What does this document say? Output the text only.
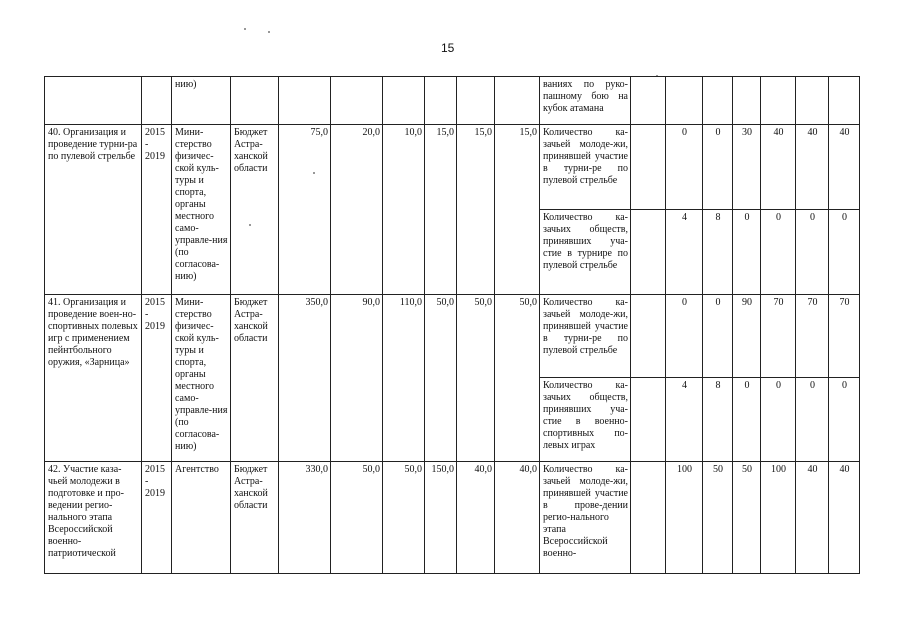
15
		нию)								ваниях по руко-пашному бою на кубок атамана							
40. Организация и проведение турни-ра по пулевой стрельбе	2015 - 2019	Мини-стерство физичес-ской куль-туры и спорта, органы местного само-управле-ния (по согласова-нию)	Бюджет Астра-ханской области	75,0	20,0	10,0	15,0	15,0	15,0	Количество ка-зачьей молоде-жи, принявшей участие в турни-ре по пулевой стрельбе		0	0	30	40	40	40
										Количество ка-зачьих обществ, принявших уча-стие в турнире по пулевой стрельбе		4	8	0	0	0	0
41. Организация и проведение воен-но-спортивных полевых игр с применением пейнтбольного оружия, «Зарница»	2015 - 2019	Мини-стерство физичес-ской куль-туры и спорта, органы местного само-управле-ния (по согласова-нию)	Бюджет Астра-ханской области	350,0	90,0	110,0	50,0	50,0	50,0	Количество ка-зачьей молоде-жи, принявшей участие в турни-ре по пулевой стрельбе		0	0	90	70	70	70
										Количество ка-зачьих обществ, принявших уча-стие в военно-спортивных по-левых играх		4	8	0	0	0	0
42. Участие каза-чьей молодежи в подготовке и про-ведении регио-нального этапа Всероссийской военно-патриотической	2015 - 2019	Агентство	Бюджет Астра-ханской области	330,0	50,0	50,0	150,0	40,0	40,0	Количество ка-зачьей молоде-жи, принявшей участие в прове-дении регио-нального этапа Всероссийской военно-		100	50	50	100	40	40
